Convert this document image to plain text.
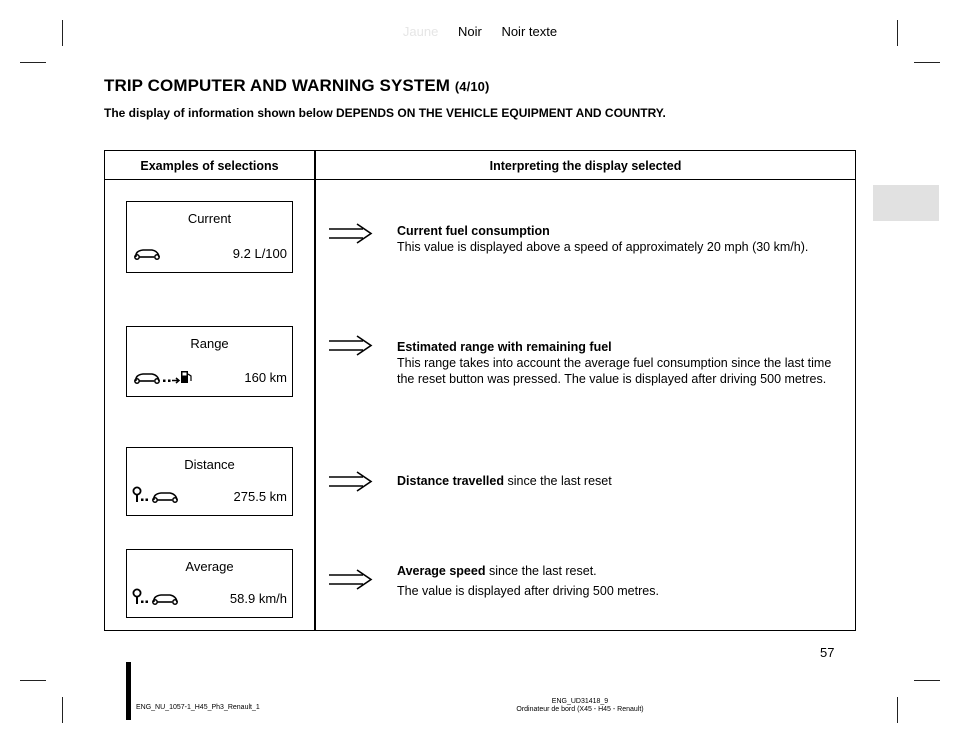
Jaune Noir Noir texte
TRIP COMPUTER AND WARNING SYSTEM (4/10)
The display of information shown below DEPENDS ON THE VEHICLE EQUIPMENT AND COUNTRY.
Examples of selections	Interpreting the display selected
Current
9.2 L/100
Current fuel consumption
This value is displayed above a speed of approximately 20 mph (30 km/h).
Range
160 km
Estimated range with remaining fuel
This range takes into account the average fuel consumption since the last time
the reset button was pressed. The value is displayed after driving 500 metres.
Distance
275.5 km
Distance travelled since the last reset
Average
58.9 km/h
Average speed since the last reset.
The value is displayed after driving 500 metres.
57
ENG_NU_1057-1_H45_Ph3_Renault_1
ENG_UD31418_9
Ordinateur de bord (X45 - H45 - Renault)
